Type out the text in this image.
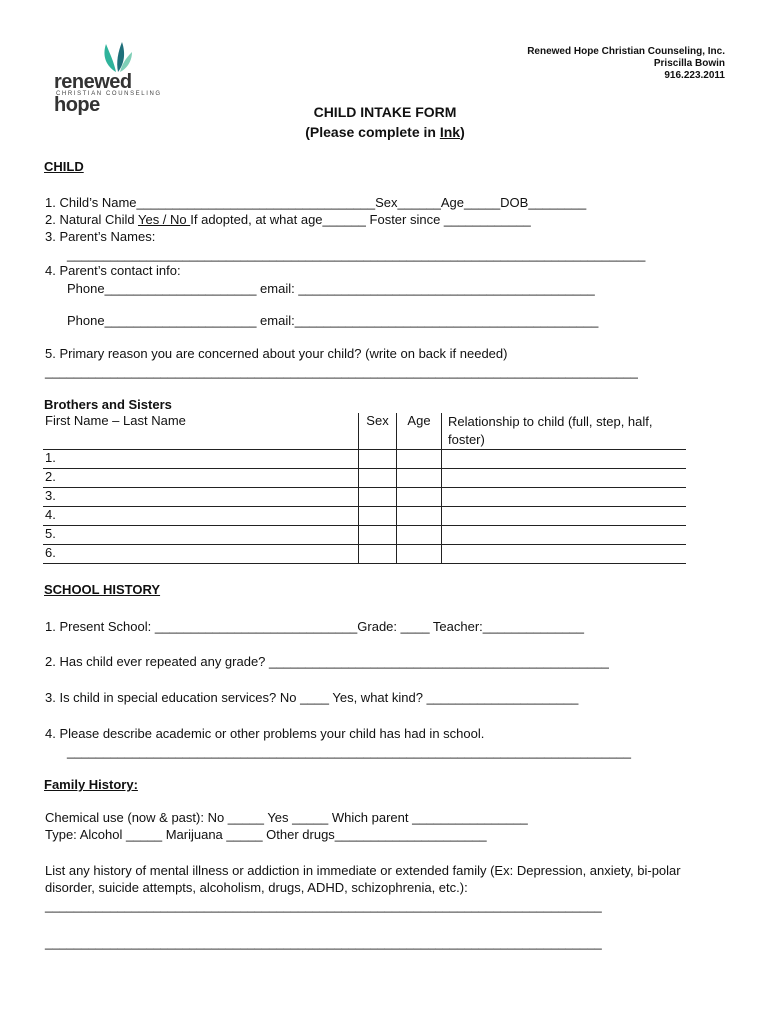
renewed hope
CHRISTIAN COUNSELING
Renewed Hope Christian Counseling, Inc.
Priscilla Bowin
916.223.2011
CHILD INTAKE FORM
(Please complete in Ink)
CHILD
1. Child’s Name_________________________________Sex______Age_____DOB________
2. Natural Child Yes / No If adopted, at what age______ Foster since ____________
3. Parent’s Names:
________________________________________________________________________________
4. Parent’s contact info:
Phone_____________________ email: _________________________________________
Phone_____________________ email:__________________________________________
5. Primary reason you are concerned about your child? (write on back if needed)
__________________________________________________________________________________
Brothers and Sisters
First Name – Last Name	Sex	Age	Relationship to child (full, step, half,
foster)

1.			
2.			
3.			
4.			
5.			
6.			
SCHOOL HISTORY
1. Present School: ____________________________Grade: ____ Teacher:______________
2. Has child ever repeated any grade? _______________________________________________
3. Is child in special education services? No ____ Yes, what kind? _____________________
4. Please describe academic or other problems your child has had in school.
______________________________________________________________________________
Family History:
Chemical use (now & past): No _____ Yes _____ Which parent ________________
Type: Alcohol _____ Marijuana _____ Other drugs_____________________
List any history of mental illness or addiction in immediate or extended family (Ex: Depression, anxiety, bi-polar
disorder, suicide attempts, alcoholism, drugs, ADHD, schizophrenia, etc.):
_____________________________________________________________________________
_____________________________________________________________________________
